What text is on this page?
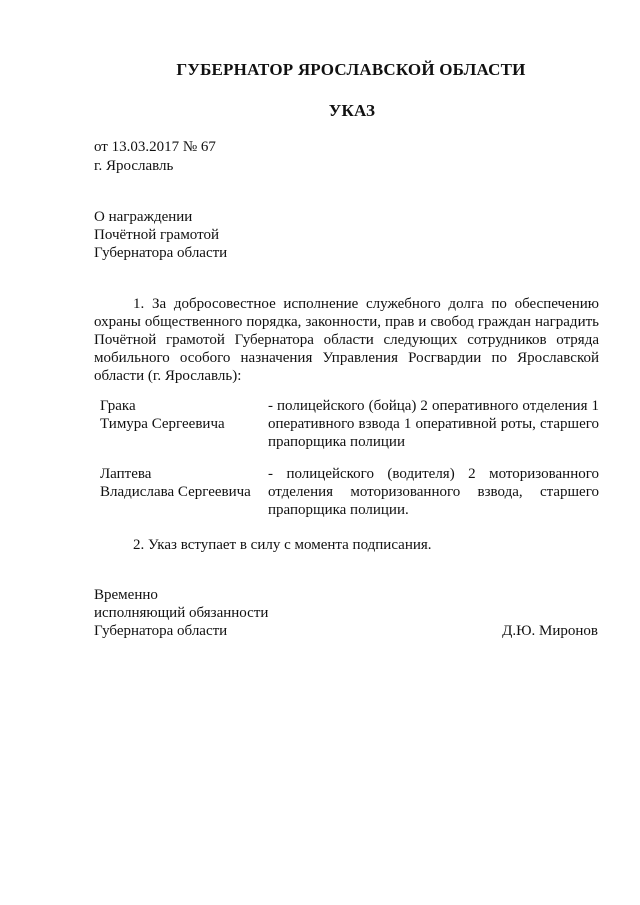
ГУБЕРНАТОР ЯРОСЛАВСКОЙ ОБЛАСТИ
УКАЗ
от 13.03.2017 № 67
г. Ярославль
О награждении
Почётной грамотой
Губернатора области
1. За добросовестное исполнение служебного долга по обеспечению охраны общественного порядка, законности, прав и свобод граждан наградить Почётной грамотой Губернатора области следующих сотрудников отряда мобильного особого назначения Управления Росгвардии по Ярославской области (г. Ярославль):
Грака
Тимура Сергеевича
- полицейского (бойца) 2 оперативного отделения 1 оперативного взвода 1 оперативной роты, старшего прапорщика полиции
Лаптева
Владислава Сергеевича
- полицейского (водителя) 2 моторизованного отделения моторизованного взвода, старшего прапорщика полиции.
2. Указ вступает в силу с момента подписания.
Временно
исполняющий обязанности
Губернатора области	Д.Ю. Миронов
